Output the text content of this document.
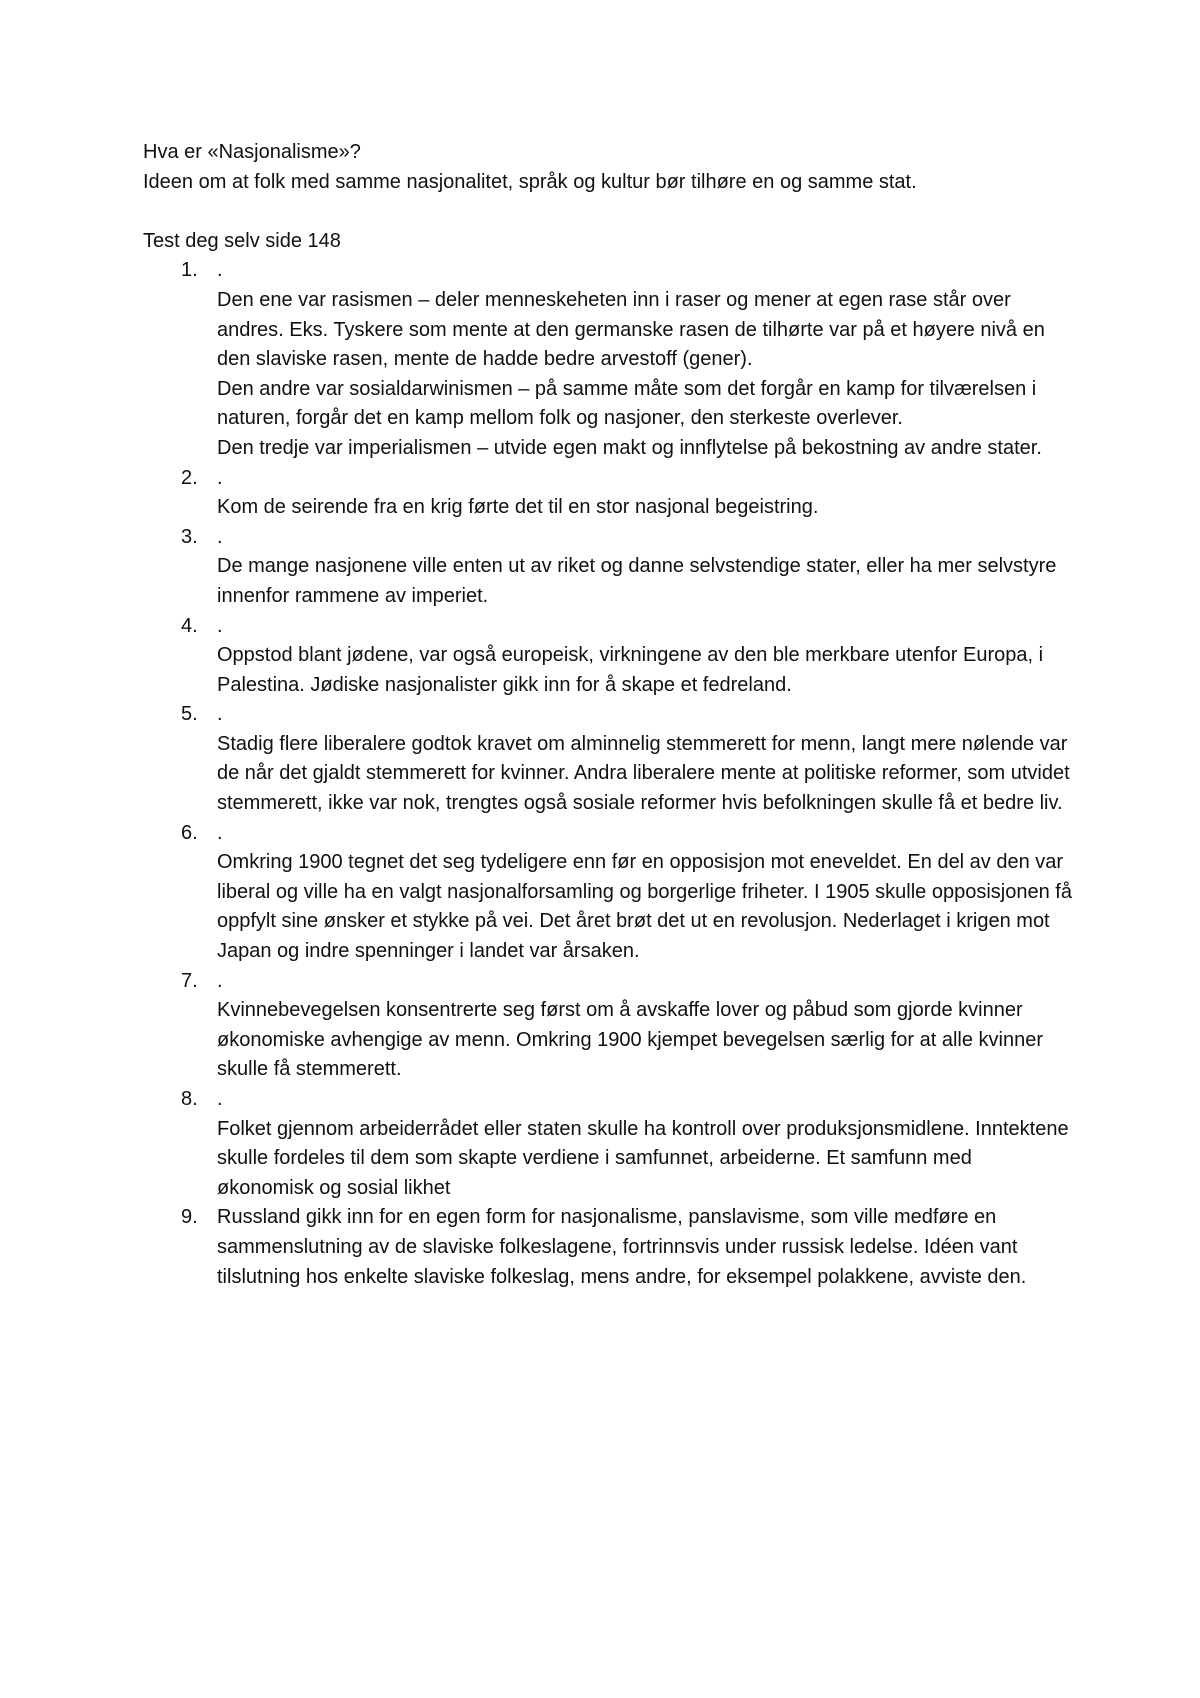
Hva er «Nasjonalisme»?

Ideen om at folk med samme nasjonalitet, språk og kultur bør tilhøre en og samme stat.

Test deg selv side 148

1. .
Den ene var rasismen – deler menneskeheten inn i raser og mener at egen rase står over andres. Eks. Tyskere som mente at den germanske rasen de tilhørte var på et høyere nivå en den slaviske rasen, mente de hadde bedre arvestoff (gener).
Den andre var sosialdarwinismen – på samme måte som det forgår en kamp for tilværelsen i naturen, forgår det en kamp mellom folk og nasjoner, den sterkeste overlever.
Den tredje var imperialismen – utvide egen makt og innflytelse på bekostning av andre stater.
2. .
Kom de seirende fra en krig førte det til en stor nasjonal begeistring.
3. .
De mange nasjonene ville enten ut av riket og danne selvstendige stater, eller ha mer selvstyre innenfor rammene av imperiet.
4. .
Oppstod blant jødene, var også europeisk, virkningene av den ble merkbare utenfor Europa, i Palestina. Jødiske nasjonalister gikk inn for å skape et fedreland.
5. .
Stadig flere liberalere godtok kravet om alminnelig stemmerett for menn, langt mere nølende var de når det gjaldt stemmerett for kvinner. Andra liberalere mente at politiske reformer, som utvidet stemmerett, ikke var nok, trengtes også sosiale reformer hvis befolkningen skulle få et bedre liv.
6. .
Omkring 1900 tegnet det seg tydeligere enn før en opposisjon mot eneveldet. En del av den var liberal og ville ha en valgt nasjonalforsamling og borgerlige friheter. I 1905 skulle opposisjonen få oppfylt sine ønsker et stykke på vei. Det året brøt det ut en revolusjon. Nederlaget i krigen mot Japan og indre spenninger i landet var årsaken.
7. .
Kvinnebevegelsen konsentrerte seg først om å avskaffe lover og påbud som gjorde kvinner økonomiske avhengige av menn. Omkring 1900 kjempet bevegelsen særlig for at alle kvinner skulle få stemmerett.
8. .
Folket gjennom arbeiderrådet eller staten skulle ha kontroll over produksjonsmidlene. Inntektene skulle fordeles til dem som skapte verdiene i samfunnet, arbeiderne. Et samfunn med økonomisk og sosial likhet
9. Russland gikk inn for en egen form for nasjonalisme, panslavisme, som ville medføre en sammenslutning av de slaviske folkeslagene, fortrinnsvis under russisk ledelse. Idéen vant tilslutning hos enkelte slaviske folkeslag, mens andre, for eksempel polakkene, avviste den.
